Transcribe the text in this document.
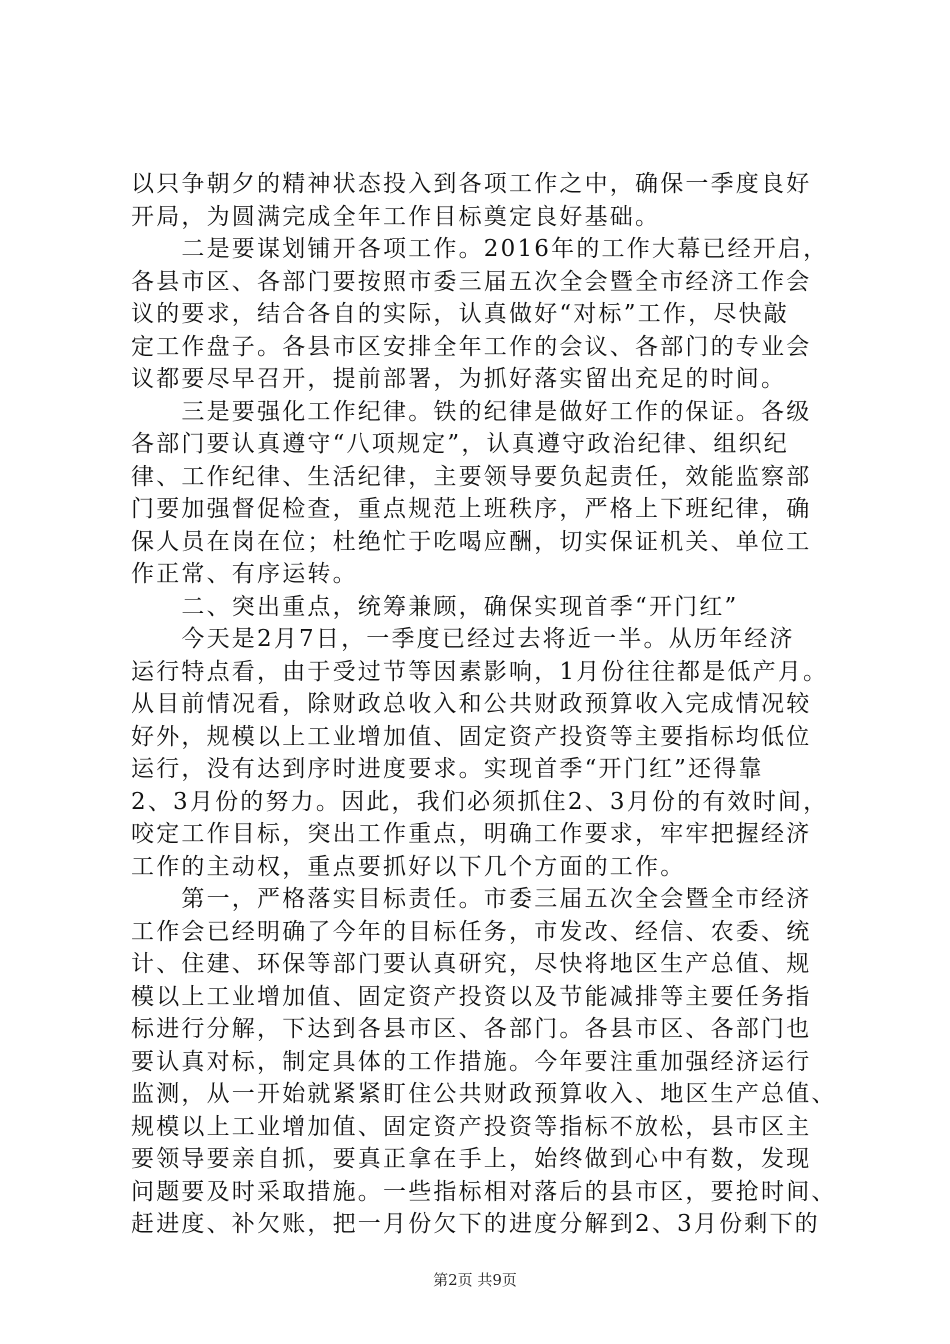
以只争朝夕的精神状态投入到各项工作之中，确保一季度良好
开局，为圆满完成全年工作目标奠定良好基础。
　　二是要谋划铺开各项工作。2016年的工作大幕已经开启，
各县市区、各部门要按照市委三届五次全会暨全市经济工作会
议的要求，结合各自的实际，认真做好“对标”工作，尽快敲
定工作盘子。各县市区安排全年工作的会议、各部门的专业会
议都要尽早召开，提前部署，为抓好落实留出充足的时间。
　　三是要强化工作纪律。铁的纪律是做好工作的保证。各级
各部门要认真遵守“八项规定”，认真遵守政治纪律、组织纪
律、工作纪律、生活纪律，主要领导要负起责任，效能监察部
门要加强督促检查，重点规范上班秩序，严格上下班纪律，确
保人员在岗在位；杜绝忙于吃喝应酬，切实保证机关、单位工
作正常、有序运转。
　　二、突出重点，统筹兼顾，确保实现首季“开门红”
　　今天是2月7日，一季度已经过去将近一半。从历年经济
运行特点看，由于受过节等因素影响，1月份往往都是低产月。
从目前情况看，除财政总收入和公共财政预算收入完成情况较
好外，规模以上工业增加值、固定资产投资等主要指标均低位
运行，没有达到序时进度要求。实现首季“开门红”还得靠
2、3月份的努力。因此，我们必须抓住2、3月份的有效时间，
咬定工作目标，突出工作重点，明确工作要求，牢牢把握经济
工作的主动权，重点要抓好以下几个方面的工作。
　　第一，严格落实目标责任。市委三届五次全会暨全市经济
工作会已经明确了今年的目标任务，市发改、经信、农委、统
计、住建、环保等部门要认真研究，尽快将地区生产总值、规
模以上工业增加值、固定资产投资以及节能减排等主要任务指
标进行分解，下达到各县市区、各部门。各县市区、各部门也
要认真对标，制定具体的工作措施。今年要注重加强经济运行
监测，从一开始就紧紧盯住公共财政预算收入、地区生产总值、
规模以上工业增加值、固定资产投资等指标不放松，县市区主
要领导要亲自抓，要真正拿在手上，始终做到心中有数，发现
问题要及时采取措施。一些指标相对落后的县市区，要抢时间、
赶进度、补欠账，把一月份欠下的进度分解到2、3月份剩下的
第2页 共9页
